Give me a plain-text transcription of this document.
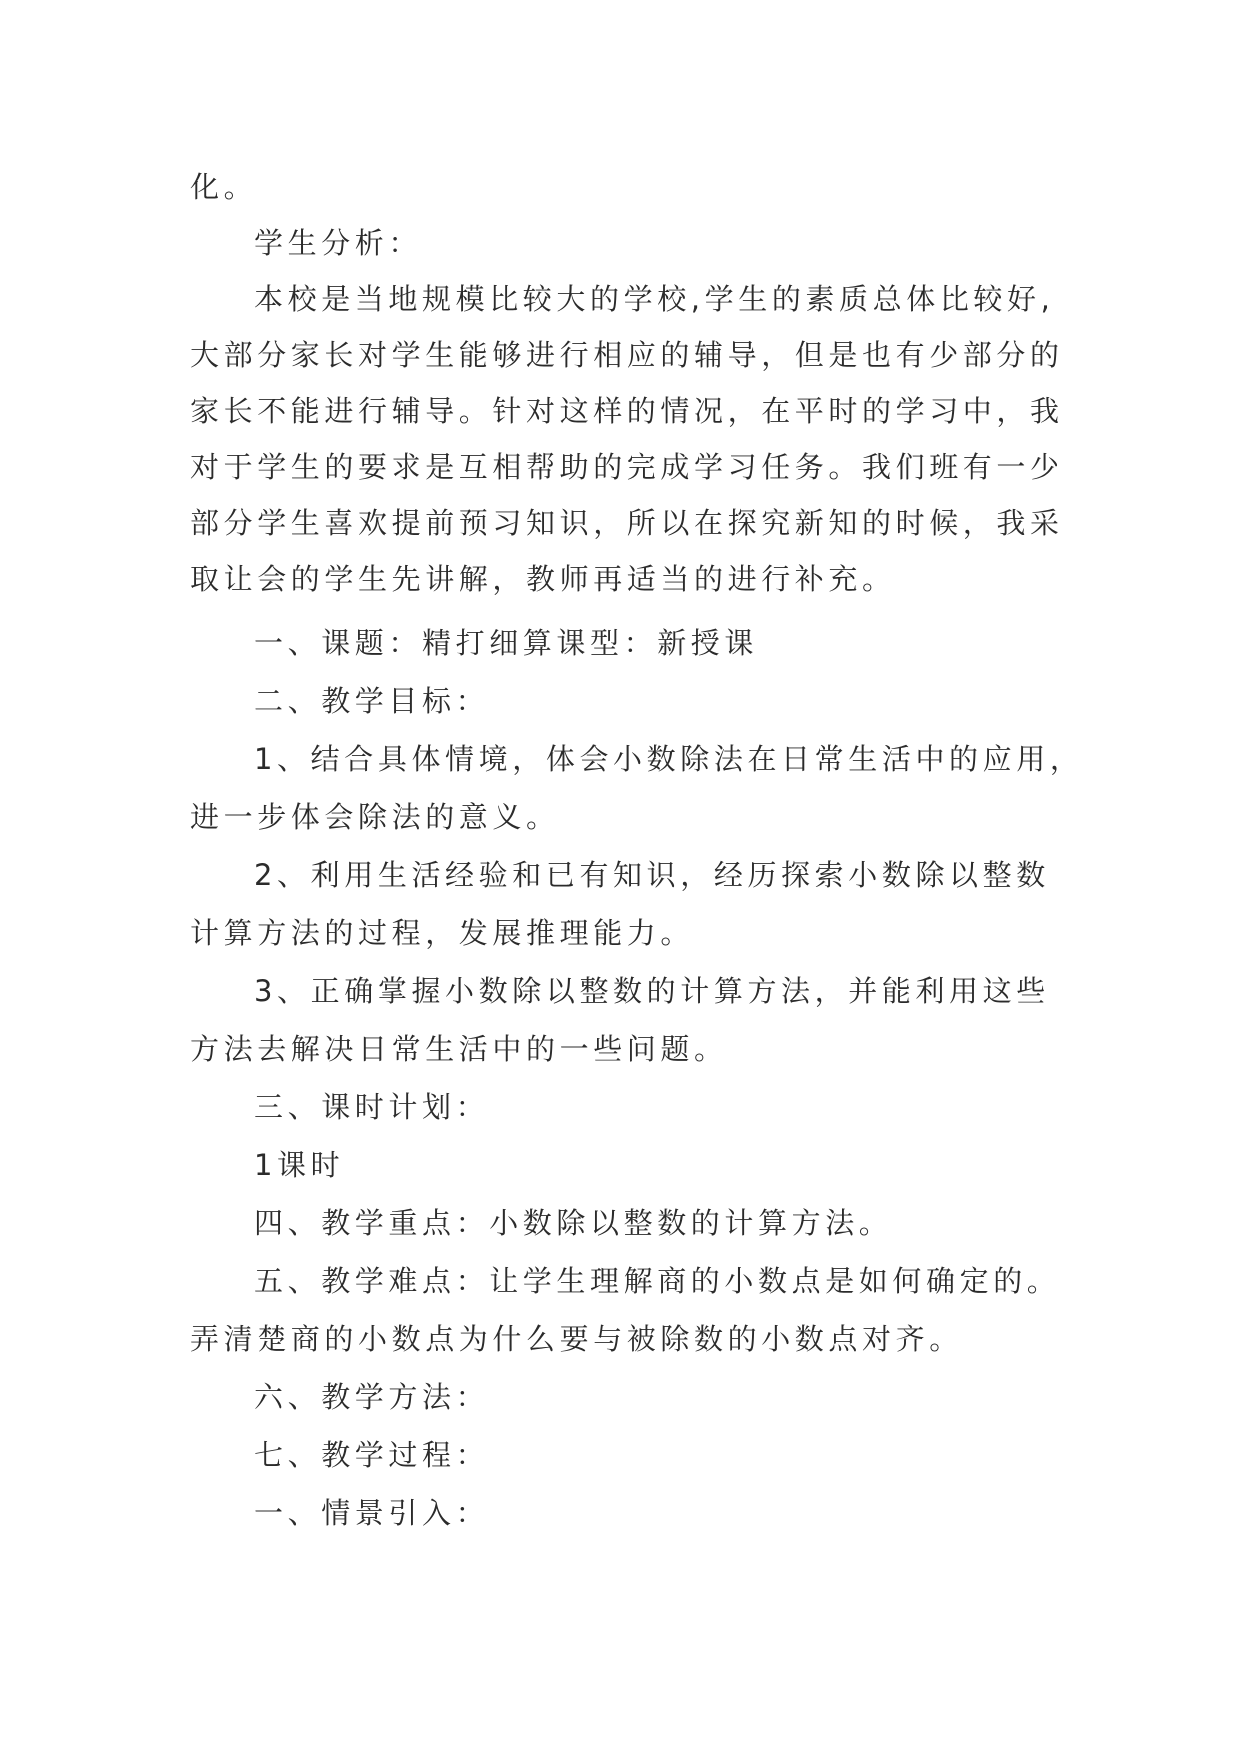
化。
学生分析：
本校是当地规模比较大的学校,学生的素质总体比较好,
大部分家长对学生能够进行相应的辅导，但是也有少部分的
家长不能进行辅导。针对这样的情况，在平时的学习中，我
对于学生的要求是互相帮助的完成学习任务。我们班有一少
部分学生喜欢提前预习知识，所以在探究新知的时候，我采
取让会的学生先讲解，教师再适当的进行补充。
一、课题：精打细算课型：新授课
二、教学目标：
1、结合具体情境，体会小数除法在日常生活中的应用，
进一步体会除法的意义。
2、利用生活经验和已有知识，经历探索小数除以整数
计算方法的过程，发展推理能力。
3、正确掌握小数除以整数的计算方法，并能利用这些
方法去解决日常生活中的一些问题。
三、课时计划：
1课时
四、教学重点：小数除以整数的计算方法。
五、教学难点：让学生理解商的小数点是如何确定的。
弄清楚商的小数点为什么要与被除数的小数点对齐。
六、教学方法：
七、教学过程：
一、情景引入：
